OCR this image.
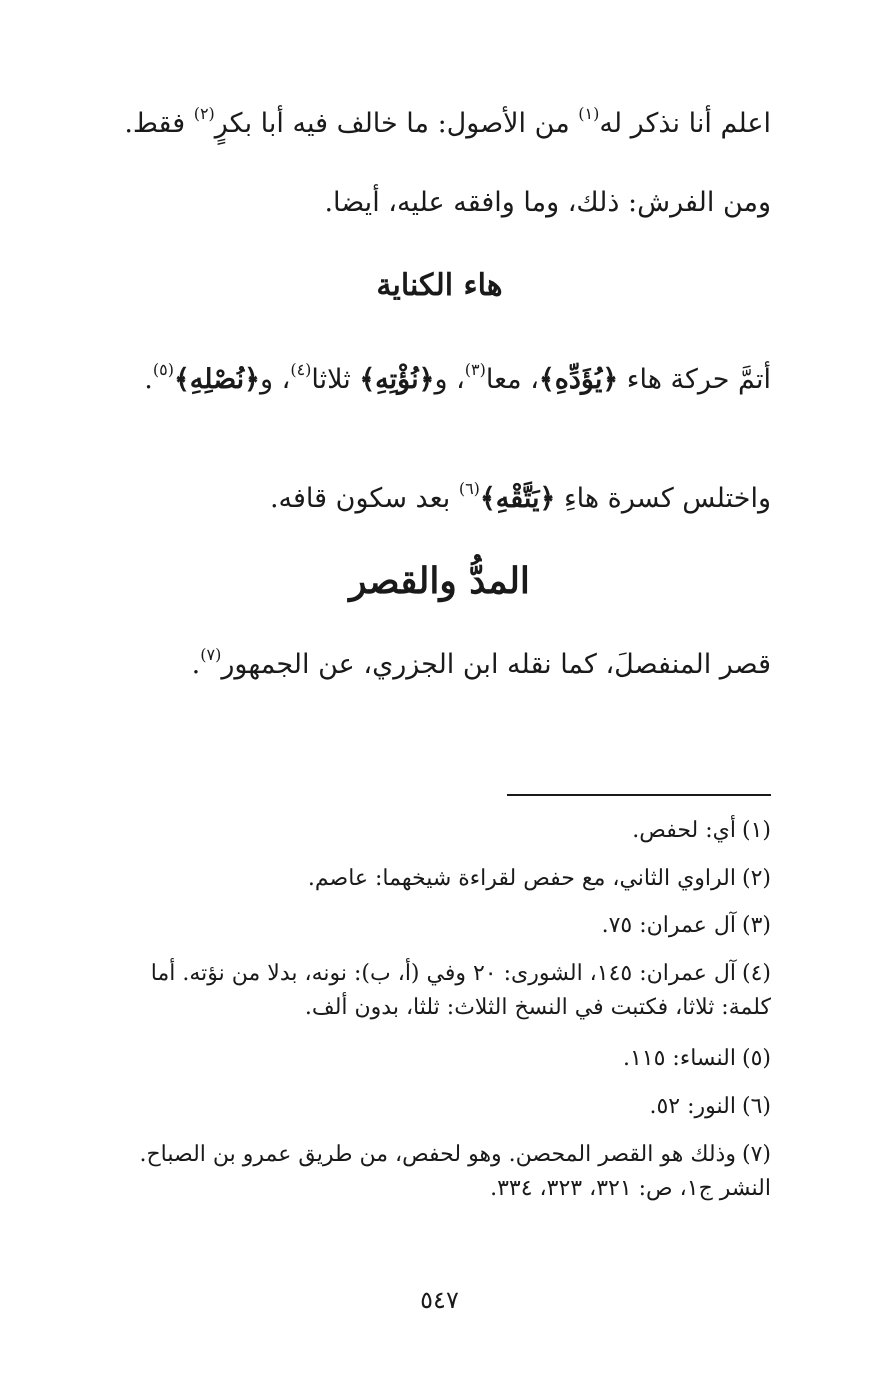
اعلم أنا نذكر له$^{(١)}$ من الأصول: ما خالف فيه أبا بكرٍ$^{(٢)}$ فقط.

ومن الفرش: ذلك، وما وافقه عليه، أيضا.

هاء الكناية

أتمَّ حركة هاء ﴿يُؤَدِّهِ﴾، معا$^{(٣)}$، و﴿نُؤْتِهِ﴾ ثلاثا$^{(٤)}$، و﴿نُصْلِهِ﴾$^{(٥)}$.

واختلس كسرة هاءِ ﴿يَتَّقْهِ﴾$^{(٦)}$ بعد سكون قافه.

المدُّ والقصر

قصر المنفصلَ، كما نقله ابن الجزري، عن الجمهور$^{(٧)}$.

(١)أي: لحفص.
(٢)الراوي الثاني، مع حفص لقراءة شيخهما: عاصم.
(٣)آل عمران: ٧٥.
(٤)آل عمران: ١٤٥، الشورى: ٢٠ وفي (أ، ب): نونه، بدلا من نؤته. أما
كلمة: ثلاثا، فكتبت في النسخ الثلاث: ثلثا، بدون ألف.
(٥)النساء: ١١٥.
(٦)النور: ٥٢.
(٧)وذلك هو القصر المحصن. وهو لحفص، من طريق عمرو بن الصباح.
النشر ج١، ص: ٣٢١، ٣٢٣، ٣٣٤.
٥٤٧
